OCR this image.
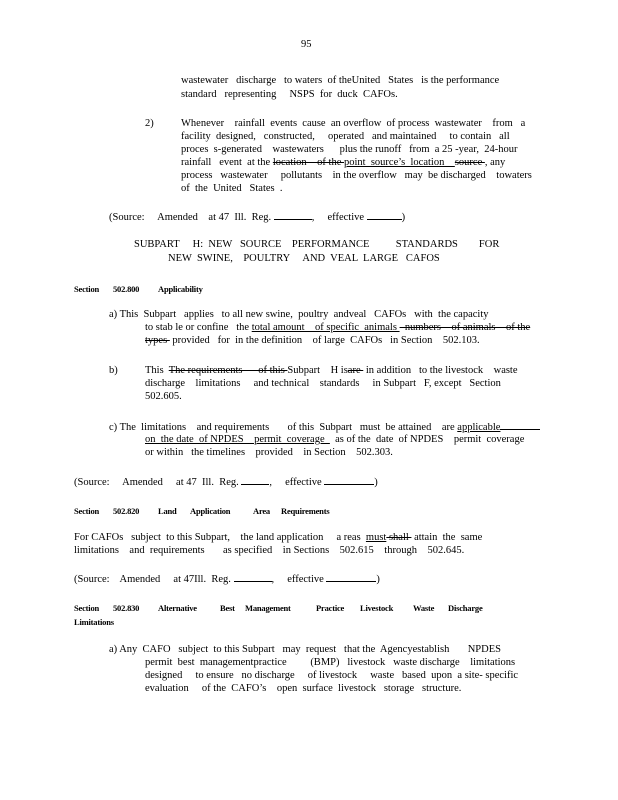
95
wastewater   discharge   to waters  of theUnited   States   is the performance
standard   representing     NSPS  for  duck  CAFOs.
2)	Whenever    rainfall  events  cause  an overflow  of process  wastewater    from   a
facility  designed,   constructed,     operated   and maintained     to contain   all
proces  s-generated    wastewaters      plus the runoff   from  a 25 -year,  24-hour
rainfall   event  at the location    of the point  source’s  location    source , any
process   wastewater     pollutants    in the overflow   may  be discharged    towaters
of  the  United   States  .
(Source:     Amended    at 47  Ill.  Reg.	,     effective	)
SUBPART     H:  NEW   SOURCE    PERFORMANCE          STANDARDS        FOR
NEW  SWINE,    POULTRY     AND  VEAL  LARGE   CAFOS
Section 502.800 Applicability
a) This  Subpart   applies   to all new swine,  poultry  andveal   CAFOs   with  the capacity
to stab le or confine   the total amount    of specific  animals   numbers    of animals    of the
types  provided   for  in the definition    of large  CAFOs   in Section    502.103.
b)	This  The requirements      of this Subpart    H isare  in addition   to the livestock    waste
discharge    limitations     and technical    standards     in Subpart   F, except   Section
502.605.
c) The  limitations    and requirements       of this  Subpart   must  be attained    are applicable
on  the date  of NPDES    permit  coverage    as of the  date  of NPDES    permit  coverage
or within   the timelines    provided    in Section    502.303.
(Source:     Amended     at 47  Ill.  Reg.	,     effective	)
Section 502.820 Land Application	Area Requirements
For CAFOs   subject  to this Subpart,    the land application     a reas  must shall  attain  the  same
limitations    and  requirements       as specified    in Sections    502.615    through    502.645.
(Source:    Amended     at 47Ill.  Reg.	,     effective	)
Section 502.830 Alternative	Best Management	Practice Livestock Waste Discharge
Limitations
a) Any  CAFO   subject  to this Subpart   may  request   that the  Agencyestablish       NPDES
permit  best  managementpractice         (BMP)   livestock   waste discharge    limitations
designed     to ensure   no discharge     of livestock     waste   based  upon  a site- specific
evaluation     of the  CAFO’s    open  surface  livestock   storage   structure.
